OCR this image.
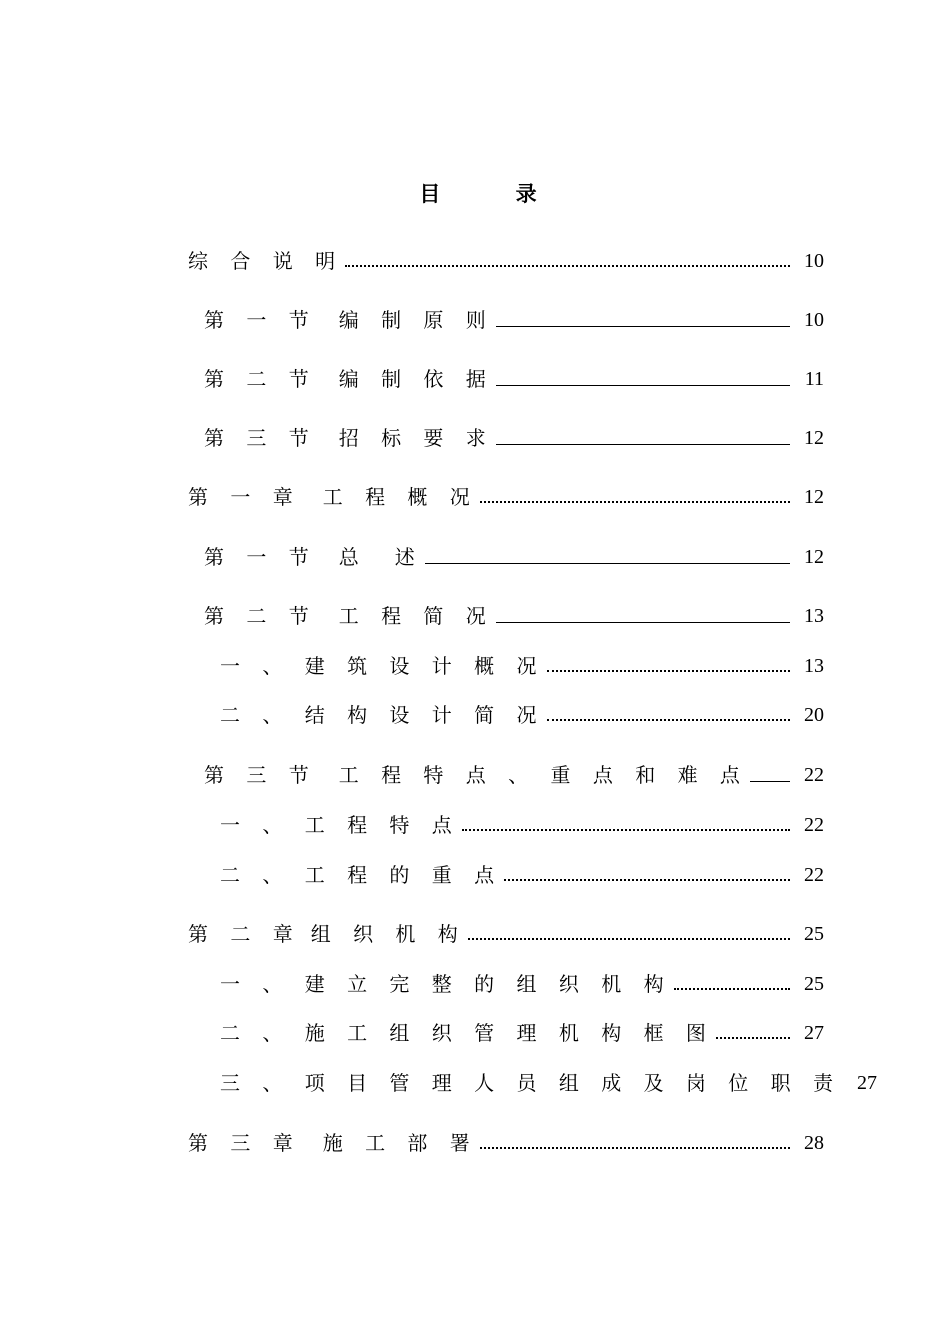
目 录
综 合 说 明	10
第 一 节 编 制 原 则	10
第 二 节 编 制 依 据	11
第 三 节 招 标 要 求	12
第 一 章 工 程 概 况	12
第 一 节 总　述	12
第 二 节 工 程 简 况	13
一 、 建 筑 设 计 概 况	13
二 、 结 构 设 计 简 况	20
第 三 节 工 程 特 点 、 重 点 和 难 点	22
一 、 工 程 特 点	22
二 、 工 程 的 重 点	22
第 二 章 组 织 机 构	25
一 、 建 立 完 整 的 组 织 机 构	25
二 、 施 工 组 织 管 理 机 构 框 图	27
三 、 项 目 管 理 人 员 组 成 及 岗 位 职 责 27
第 三 章 施 工 部 署	28
